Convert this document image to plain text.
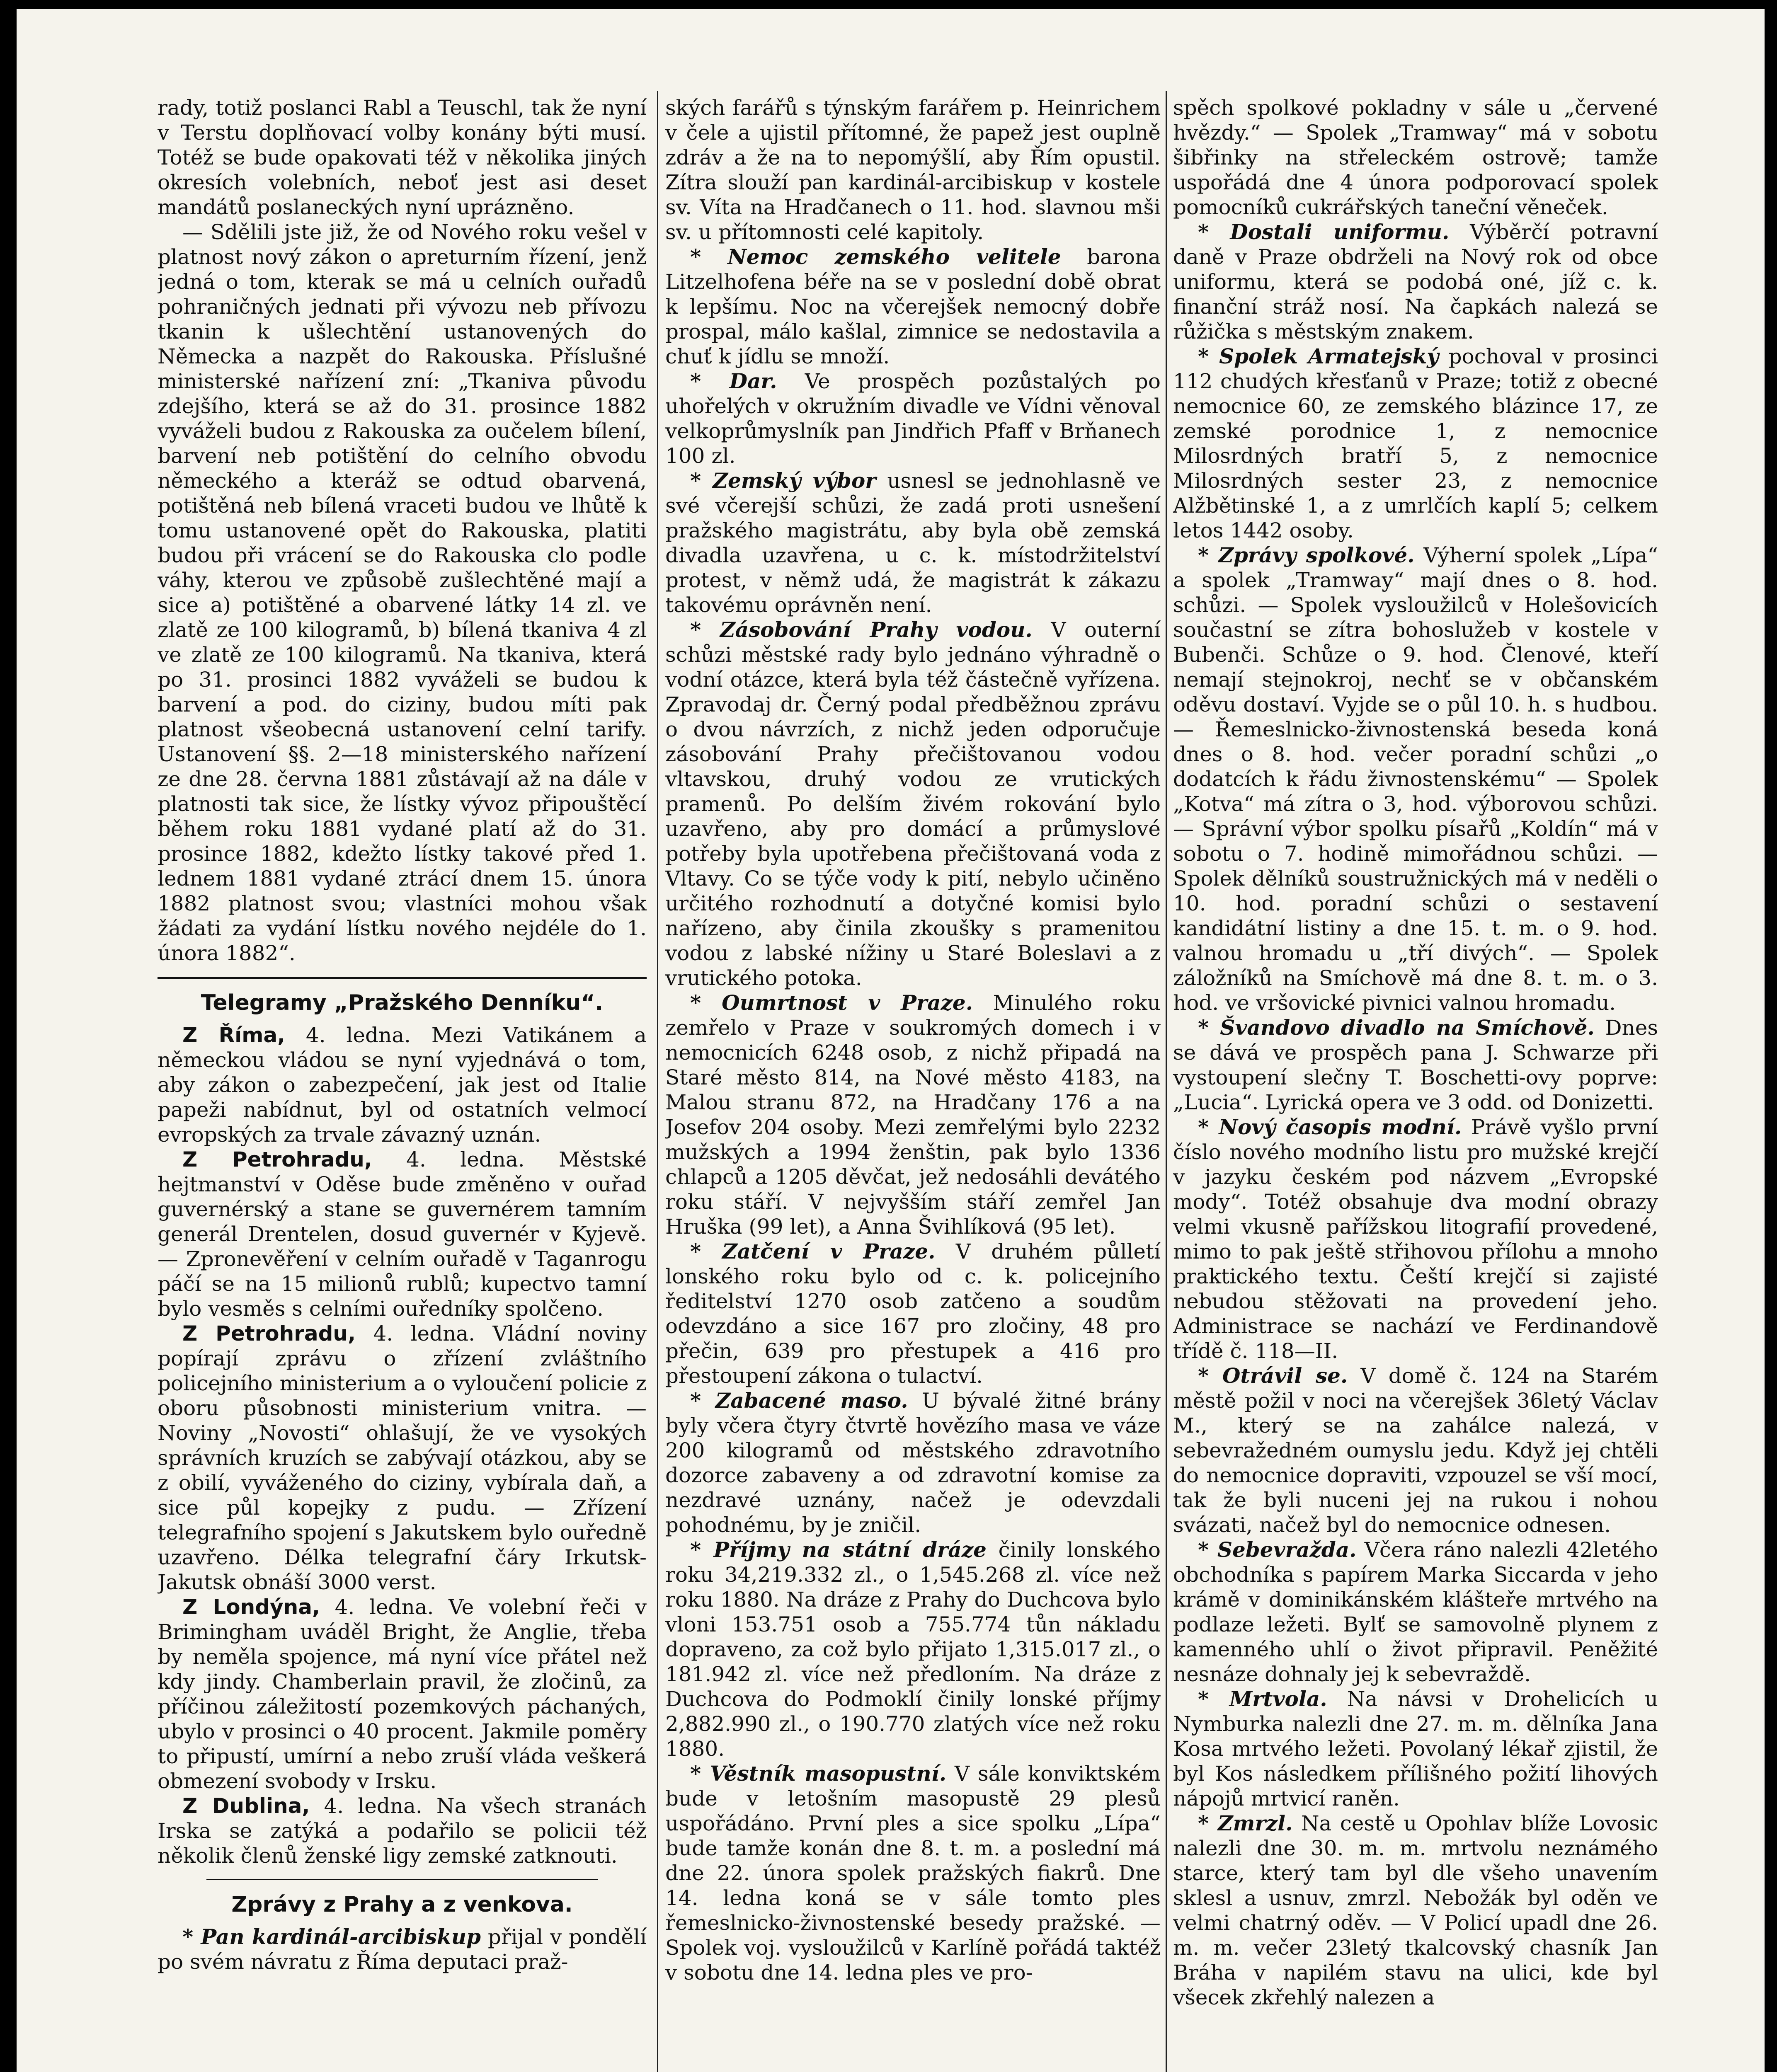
rady, totiž poslanci Rabl a Teuschl, tak že nyní v Terstu doplňovací volby konány býti musí. Totéž se bude opakovati též v několika jiných okresích volebních, neboť jest asi deset mandátů poslaneckých nyní uprázněno.

— Sdělili jste již, že od Nového roku vešel v platnost nový zákon o apreturním řízení, jenž jedná o tom, kterak se má u celních ouřadů pohraničných jednati při vývozu neb přívozu tkanin k ušlechtění ustanovených do Německa a nazpět do Rakouska. Příslušné ministerské nařízení zní: „Tkaniva původu zdejšího, která se až do 31. prosince 1882 vyváželi budou z Rakouska za oučelem bílení, barvení neb potištění do celního obvodu německého a kteráž se odtud obarvená, potištěná neb bílená vraceti budou ve lhůtě k tomu ustanovené opět do Rakouska, platiti budou při vrácení se do Rakouska clo podle váhy, kterou ve způsobě zušlechtěné mají a sice a) potištěné a obarvené látky 14 zl. ve zlatě ze 100 kilogramů, b) bílená tkaniva 4 zl ve zlatě ze 100 kilogramů. Na tkaniva, která po 31. prosinci 1882 vyváželi se budou k barvení a pod. do ciziny, budou míti pak platnost všeobecná ustanovení celní tarify. Ustanovení §§. 2—18 ministerského nařízení ze dne 28. června 1881 zůstávají až na dále v platnosti tak sice, že lístky vývoz připouštěcí během roku 1881 vydané platí až do 31. prosince 1882, kdežto lístky takové před 1. lednem 1881 vydané ztrácí dnem 15. února 1882 platnost svou; vlastníci mohou však žádati za vydání lístku nového nejdéle do 1. února 1882“.

Telegramy „Pražského Denníku“.

Z Říma, 4. ledna. Mezi Vatikánem a německou vládou se nyní vyjednává o tom, aby zákon o zabezpečení, jak jest od Italie papeži nabídnut, byl od ostatních velmocí evropských za trvale závazný uznán.

Z Petrohradu, 4. ledna. Městské hejtmanství v Oděse bude změněno v ouřad guvernérský a stane se guvernérem tamním generál Drentelen, dosud guvernér v Kyjevě. — Zpronevěření v celním ouřadě v Taganrogu páčí se na 15 milionů rublů; kupectvo tamní bylo vesměs s celními ouředníky spolčeno.

Z Petrohradu, 4. ledna. Vládní noviny popírají zprávu o zřízení zvláštního policejního ministerium a o vyloučení policie z oboru působnosti ministerium vnitra. — Noviny „Novosti“ ohlašují, že ve vysokých správních kruzích se zabývají otázkou, aby se z obilí, vyváženého do ciziny, vybírala daň, a sice půl kopejky z pudu. — Zřízení telegrafního spojení s Jakutskem bylo ouředně uzavřeno. Délka telegrafní čáry Irkutsk-Jakutsk obnáší 3000 verst.

Z Londýna, 4. ledna. Ve volební řeči v Brimingham uváděl Bright, že Anglie, třeba by neměla spojence, má nyní více přátel než kdy jindy. Chamberlain pravil, že zločinů, za příčinou záležitostí pozemkových páchaných, ubylo v prosinci o 40 procent. Jakmile poměry to připustí, umírní a nebo zruší vláda veškerá obmezení svobody v Irsku.

Z Dublina, 4. ledna. Na všech stranách Irska se zatýká a podařilo se policii též několik členů ženské ligy zemské zatknouti.

Zprávy z Prahy a z venkova.

* Pan kardinál-arcibiskup přijal v pondělí po svém návratu z Říma deputaci praž-

ských farářů s týnským farářem p. Heinrichem v čele a ujistil přítomné, že papež jest ouplně zdráv a že na to nepomýšlí, aby Řím opustil. Zítra slouží pan kardinál-arcibiskup v kostele sv. Víta na Hradčanech o 11. hod. slavnou mši sv. u přítomnosti celé kapitoly.

* Nemoc zemského velitele barona Litzelhofena béře na se v poslední době obrat k lepšímu. Noc na včerejšek nemocný dobře prospal, málo kašlal, zimnice se nedostavila a chuť k jídlu se množí.

* Dar. Ve prospěch pozůstalých po uhořelých v okružním divadle ve Vídni věnoval velkoprůmyslník pan Jindřich Pfaff v Brňanech 100 zl.

* Zemský výbor usnesl se jednohlasně ve své včerejší schůzi, že zadá proti usnešení pražského magistrátu, aby byla obě zemská divadla uzavřena, u c. k. místodržitelství protest, v němž udá, že magistrát k zákazu takovému oprávněn není.

* Zásobování Prahy vodou. V outerní schůzi městské rady bylo jednáno výhradně o vodní otázce, která byla též částečně vyřízena. Zpravodaj dr. Černý podal předběžnou zprávu o dvou návrzích, z nichž jeden odporučuje zásobování Prahy přečištovanou vodou vltavskou, druhý vodou ze vrutických pramenů. Po delším živém rokování bylo uzavřeno, aby pro domácí a průmyslové potřeby byla upotřebena přečištovaná voda z Vltavy. Co se týče vody k pití, nebylo učiněno určitého rozhodnutí a dotyčné komisi bylo nařízeno, aby činila zkoušky s pramenitou vodou z labské nížiny u Staré Boleslavi a z vrutického potoka.

* Oumrtnost v Praze. Minulého roku zemřelo v Praze v soukromých domech i v nemocnicích 6248 osob, z nichž připadá na Staré město 814, na Nové město 4183, na Malou stranu 872, na Hradčany 176 a na Josefov 204 osoby. Mezi zemřelými bylo 2232 mužských a 1994 ženštin, pak bylo 1336 chlapců a 1205 děvčat, jež nedosáhli devátého roku stáří. V nejvyšším stáří zemřel Jan Hruška (99 let), a Anna Švihlíková (95 let).

* Zatčení v Praze. V druhém půlletí lonského roku bylo od c. k. policejního ředitelství 1270 osob zatčeno a soudům odevzdáno a sice 167 pro zločiny, 48 pro přečin, 639 pro přestupek a 416 pro přestoupení zákona o tulactví.

* Zabacené maso. U bývalé žitné brány byly včera čtyry čtvrtě hovězího masa ve váze 200 kilogramů od městského zdravotního dozorce zabaveny a od zdravotní komise za nezdravé uznány, načež je odevzdali pohodnému, by je zničil.

* Příjmy na státní dráze činily lonského roku 34,219.332 zl., o 1,545.268 zl. více než roku 1880. Na dráze z Prahy do Duchcova bylo vloni 153.751 osob a 755.774 tůn nákladu dopraveno, za což bylo přijato 1,315.017 zl., o 181.942 zl. více než předloním. Na dráze z Duchcova do Podmoklí činily lonské příjmy 2,882.990 zl., o 190.770 zlatých více než roku 1880.

* Věstník masopustní. V sále konviktském bude v letošním masopustě 29 plesů uspořádáno. První ples a sice spolku „Lípa“ bude tamže konán dne 8. t. m. a poslední má dne 22. února spolek pražských fiakrů. Dne 14. ledna koná se v sále tomto ples řemeslnicko-živnostenské besedy pražské. — Spolek voj. vysloužilců v Karlíně pořádá taktéž v sobotu dne 14. ledna ples ve pro-

spěch spolkové pokladny v sále u „červené hvězdy.“ — Spolek „Tramway“ má v sobotu šibřinky na střeleckém ostrově; tamže uspořádá dne 4 února podporovací spolek pomocníků cukrářských taneční věneček.

* Dostali uniformu. Výběrčí potravní daně v Praze obdrželi na Nový rok od obce uniformu, která se podobá oné, jíž c. k. finanční stráž nosí. Na čapkách nalezá se růžička s městským znakem.

* Spolek Armatejský pochoval v prosinci 112 chudých křesťanů v Praze; totiž z obecné nemocnice 60, ze zemského blázince 17, ze zemské porodnice 1, z nemocnice Milosrdných bratří 5, z nemocnice Milosrdných sester 23, z nemocnice Alžbětinské 1, a z umrlčích kaplí 5; celkem letos 1442 osoby.

* Zprávy spolkové. Výherní spolek „Lípa“ a spolek „Tramway“ mají dnes o 8. hod. schůzi. — Spolek vysloužilců v Holešovicích součastní se zítra bohoslužeb v kostele v Bubenči. Schůze o 9. hod. Členové, kteří nemají stejnokroj, nechť se v občanském oděvu dostaví. Vyjde se o půl 10. h. s hudbou. — Řemeslnicko-živnostenská beseda koná dnes o 8. hod. večer poradní schůzi „o dodatcích k řádu živnostenskému“ — Spolek „Kotva“ má zítra o 3, hod. výborovou schůzi. — Správní výbor spolku písařů „Koldín“ má v sobotu o 7. hodině mimořádnou schůzi. — Spolek dělníků soustružnických má v neděli o 10. hod. poradní schůzi o sestavení kandidátní listiny a dne 15. t. m. o 9. hod. valnou hromadu u „tří divých“. — Spolek záložníků na Smíchově má dne 8. t. m. o 3. hod. ve vršovické pivnici valnou hromadu.

* Švandovo divadlo na Smíchově. Dnes se dává ve prospěch pana J. Schwarze při vystoupení slečny T. Boschetti-ovy poprve: „Lucia“. Lyrická opera ve 3 odd. od Donizetti.

* Nový časopis modní. Právě vyšlo první číslo nového modního listu pro mužské krejčí v jazyku českém pod názvem „Evropské mody“. Totéž obsahuje dva modní obrazy velmi vkusně pařížskou litografií provedené, mimo to pak ještě střihovou přílohu a mnoho praktického textu. Čeští krejčí si zajisté nebudou stěžovati na provedení jeho. Administrace se nachází ve Ferdinandově třídě č. 118—II.

* Otrávil se. V domě č. 124 na Starém městě požil v noci na včerejšek 36letý Václav M., který se na zahálce nalezá, v sebevražedném oumyslu jedu. Když jej chtěli do nemocnice dopraviti, vzpouzel se vší mocí, tak že byli nuceni jej na rukou i nohou svázati, načež byl do nemocnice odnesen.

* Sebevražda. Včera ráno nalezli 42letého obchodníka s papírem Marka Siccarda v jeho krámě v dominikánském klášteře mrtvého na podlaze ležeti. Bylť se samovolně plynem z kamenného uhlí o život připravil. Peněžité nesnáze dohnaly jej k sebevraždě.

* Mrtvola. Na návsi v Drohelicích u Nymburka nalezli dne 27. m. m. dělníka Jana Kosa mrtvého ležeti. Povolaný lékař zjistil, že byl Kos následkem přílišného požití lihových nápojů mrtvicí raněn.

* Zmrzl. Na cestě u Opohlav blíže Lovosic nalezli dne 30. m. m. mrtvolu neznámého starce, který tam byl dle všeho unavením sklesl a usnuv, zmrzl. Nebožák byl oděn ve velmi chatrný oděv. — V Policí upadl dne 26. m. m. večer 23letý tkalcovský chasník Jan Bráha v napilém stavu na ulici, kde byl všecek zkřehlý nalezen a
